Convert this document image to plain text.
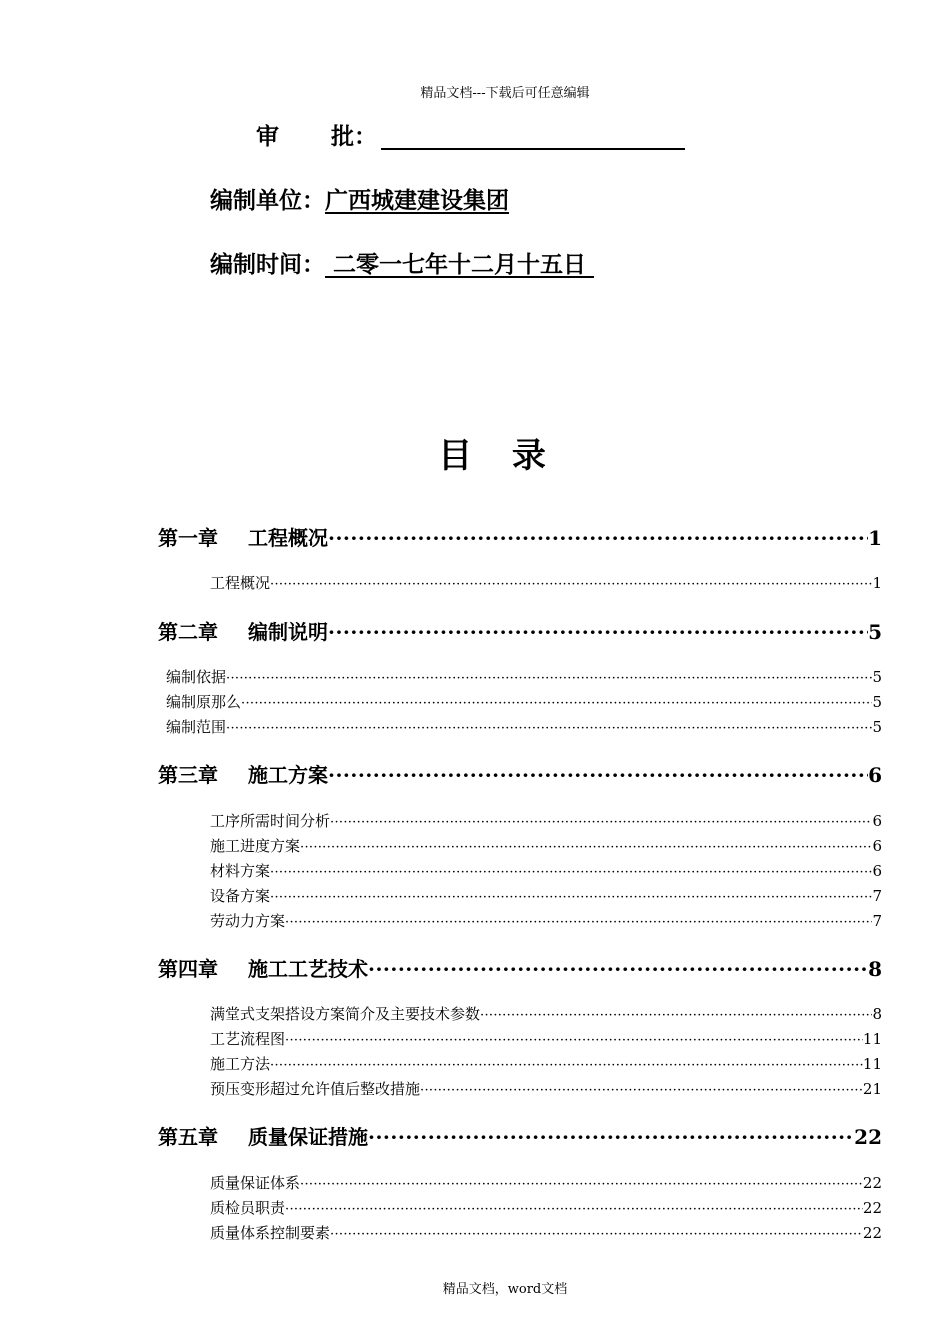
精品文档---下载后可任意编辑
审 批：
编制单位：广西城建建设集团
编制时间： 二零一七年十二月十五日
目 录
第一章	工程概况 ·····	1
工程概况 ·····	1
第二章	编制说明 ·····	5
编制依据 ·····	5
编制原那么 ·····	5
编制范围 ·····	5
第三章	施工方案 ·····	6
工序所需时间分析 ·····	6
施工进度方案 ·····	6
材料方案 ·····	6
设备方案 ·····	7
劳动力方案 ·····	7
第四章	施工工艺技术 ·····	8
满堂式支架搭设方案简介及主要技术参数 ·····	8
工艺流程图 ·····	11
施工方法 ·····	11
预压变形超过允许值后整改措施 ·····	21
第五章	质量保证措施 ·····	22
质量保证体系 ·····	22
质检员职责 ·····	22
质量体系控制要素 ·····	22
精品文档，word文档
